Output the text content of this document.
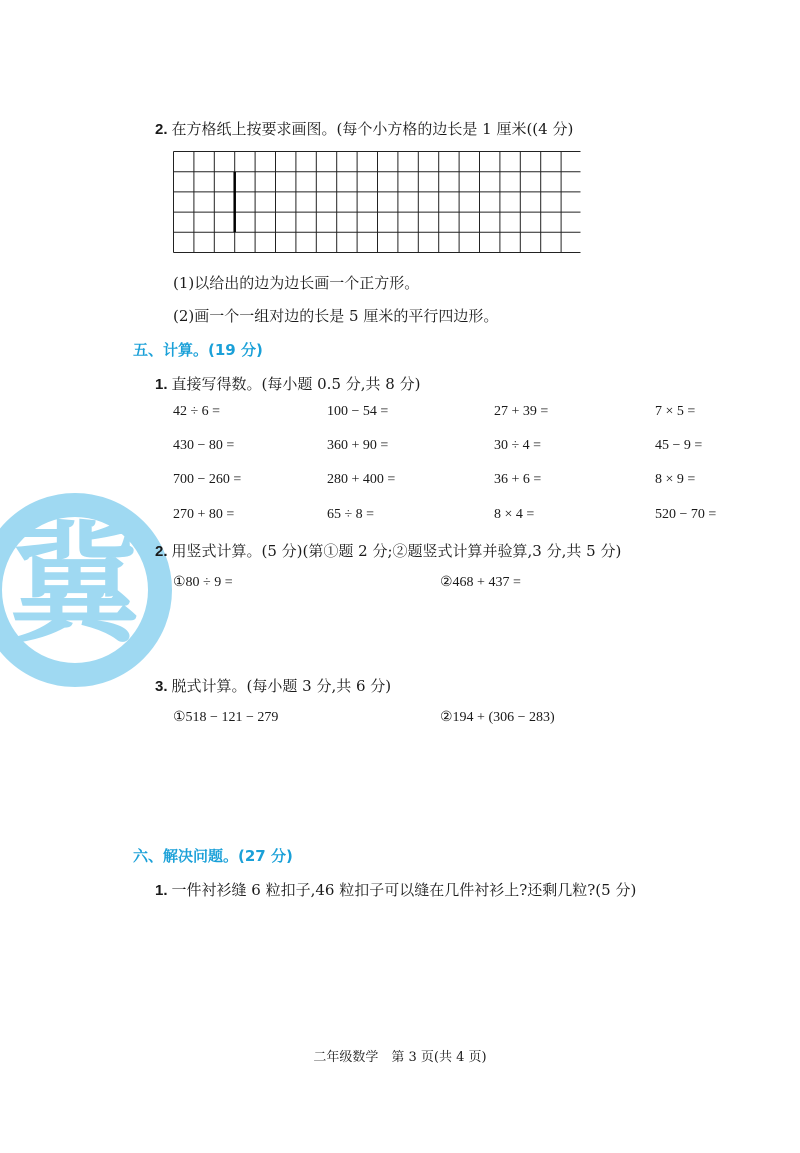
冀
2. 在方格纸上按要求画图。(每个小方格的边长是 1 厘米((4 分)
(1)以给出的边为边长画一个正方形。
(2)画一个一组对边的长是 5 厘米的平行四边形。
五、计算。(19 分)
1. 直接写得数。(每小题 0.5 分,共 8 分)
42 ÷ 6 =	100 − 54 =	27 + 39 =	7 × 5 =
430 − 80 =	360 + 90 =	30 ÷ 4 =	45 − 9 =
700 − 260 =	280 + 400 =	36 + 6 =	8 × 9 =
270 + 80 =	65 ÷ 8 =	8 × 4 =	520 − 70 =
2. 用竖式计算。(5 分)(第①题 2 分;②题竖式计算并验算,3 分,共 5 分)
①80 ÷ 9 =	②468 + 437 =
3. 脱式计算。(每小题 3 分,共 6 分)
①518 − 121 − 279	②194 + (306 − 283)
六、解决问题。(27 分)
1. 一件衬衫缝 6 粒扣子,46 粒扣子可以缝在几件衬衫上?还剩几粒?(5 分)
二年级数学　第 3 页(共 4 页)
